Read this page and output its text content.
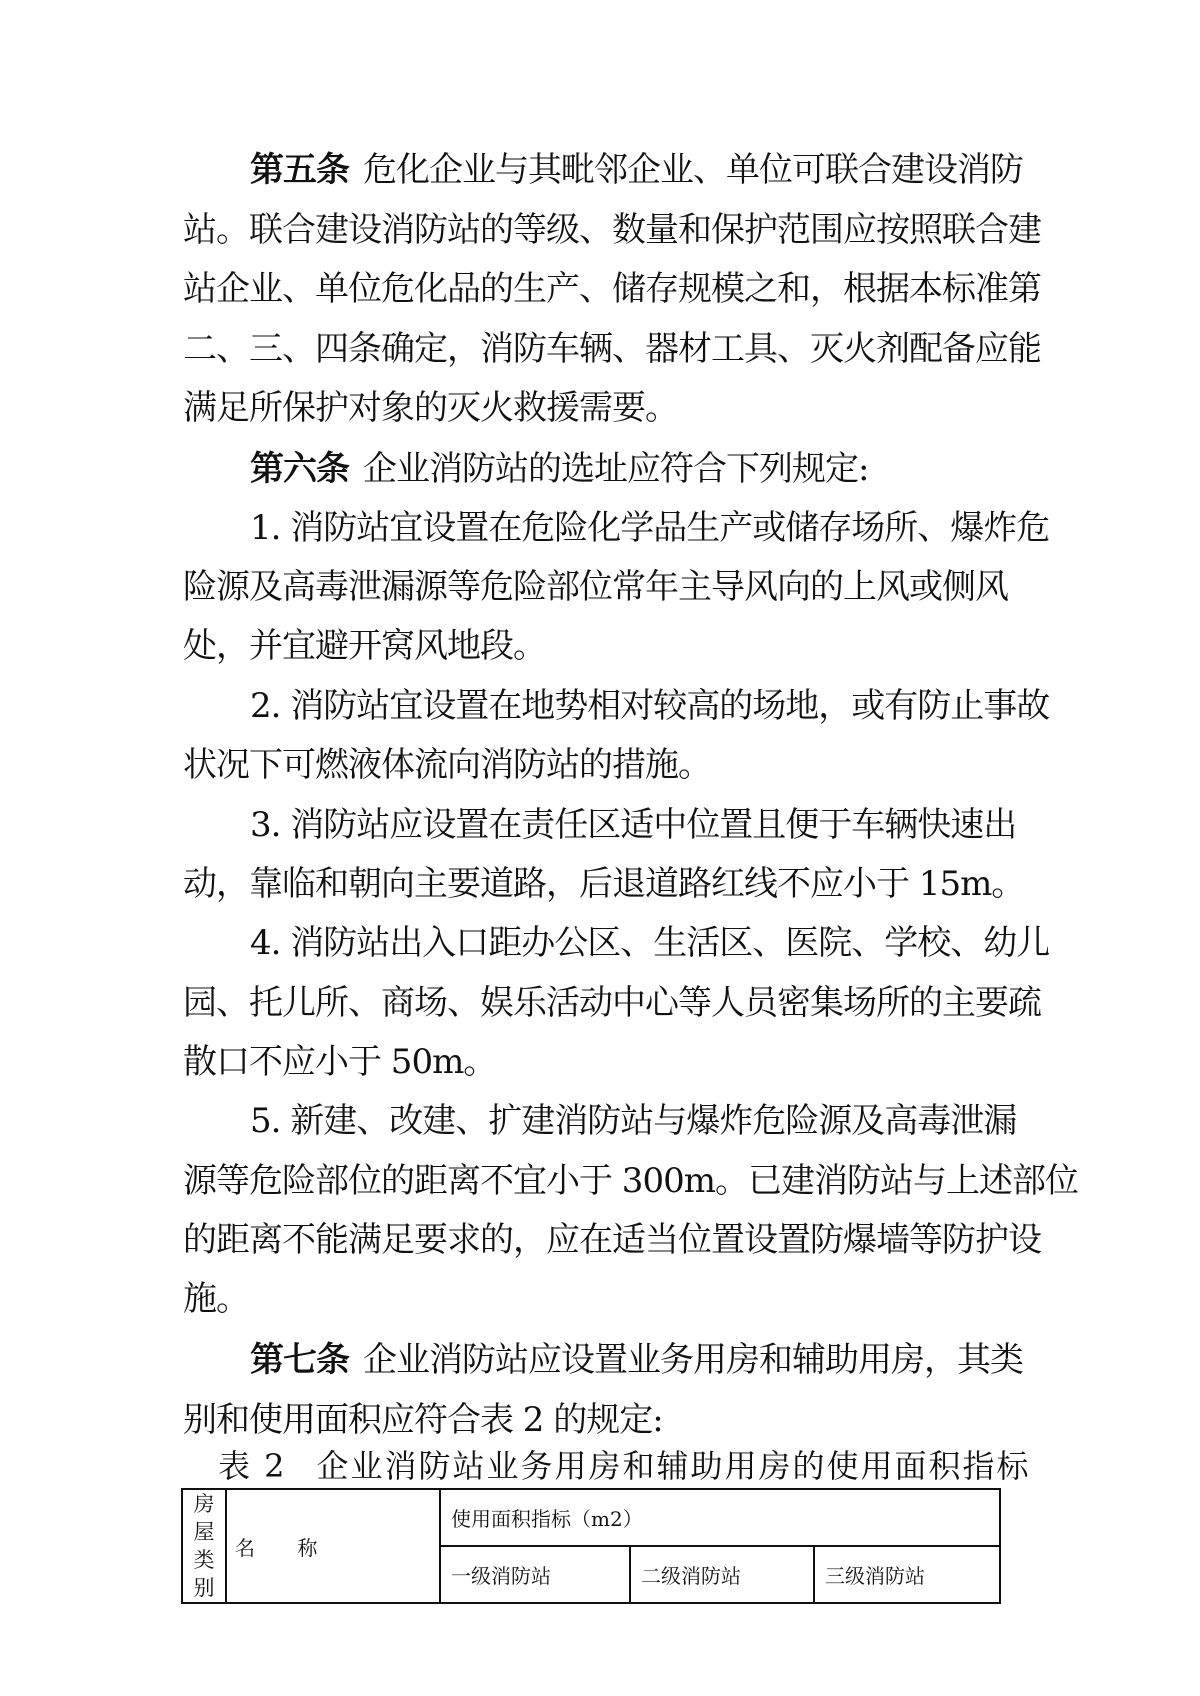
第五条 危化企业与其毗邻企业、单位可联合建设消防
站。联合建设消防站的等级、数量和保护范围应按照联合建
站企业、单位危化品的生产、储存规模之和，根据本标准第
二、三、四条确定，消防车辆、器材工具、灭火剂配备应能
满足所保护对象的灭火救援需要。
第六条 企业消防站的选址应符合下列规定:
1. 消防站宜设置在危险化学品生产或储存场所、爆炸危
险源及高毒泄漏源等危险部位常年主导风向的上风或侧风
处，并宜避开窝风地段。
2. 消防站宜设置在地势相对较高的场地，或有防止事故
状况下可燃液体流向消防站的措施。
3. 消防站应设置在责任区适中位置且便于车辆快速出
动，靠临和朝向主要道路，后退道路红线不应小于 15m。
4. 消防站出入口距办公区、生活区、医院、学校、幼儿
园、托儿所、商场、娱乐活动中心等人员密集场所的主要疏
散口不应小于 50m。
5. 新建、改建、扩建消防站与爆炸危险源及高毒泄漏
源等危险部位的距离不宜小于 300m。已建消防站与上述部位
的距离不能满足要求的，应在适当位置设置防爆墙等防护设
施。
第七条 企业消防站应设置业务用房和辅助用房，其类
别和使用面积应符合表 2 的规定:
表 2 企业消防站业务用房和辅助用房的使用面积指标
房屋类别	名 称	使用面积指标（m2）		
		一级消防站	二级消防站	三级消防站
